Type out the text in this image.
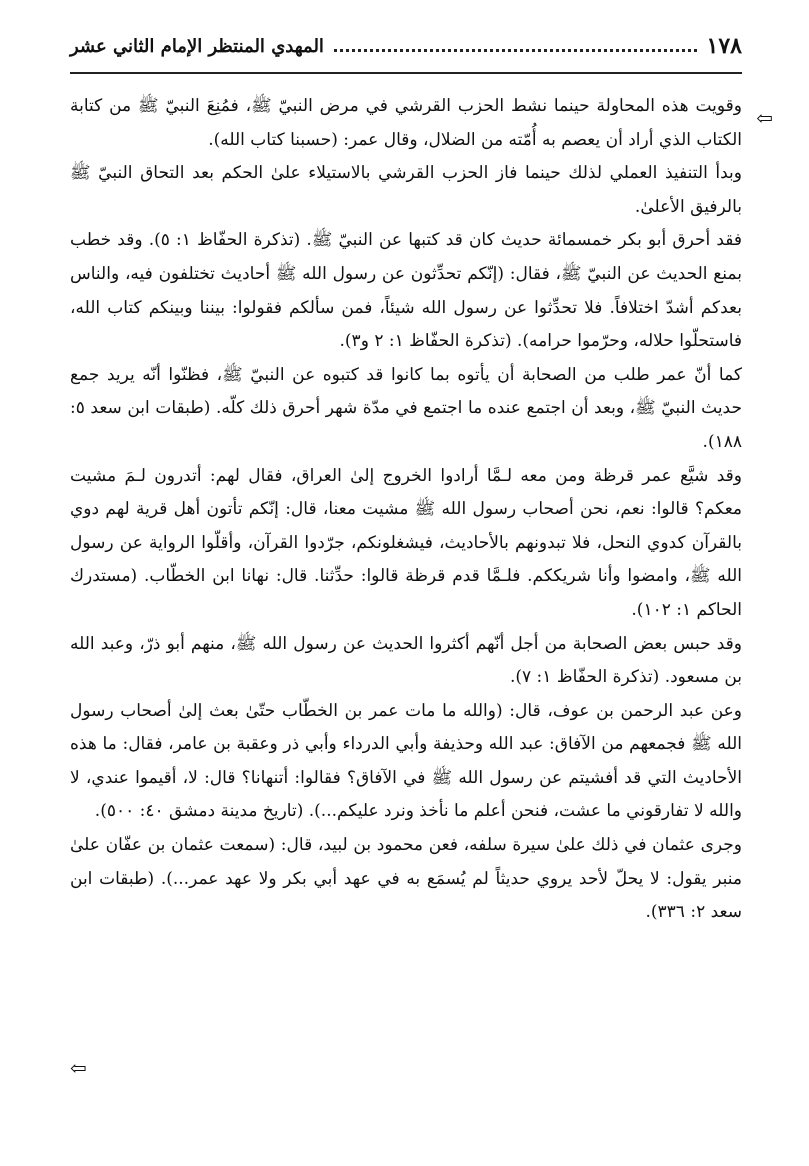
١٧٨
المهدي المنتظر الإمام الثاني عشر
⇦

وقويت هذه المحاولة حينما نشط الحزب القرشي في مرض النبيّ ﷺ، فمُنِعَ النبيّ ﷺ من كتابة الكتاب الذي أراد أن يعصم به أُمّته من الضلال، وقال عمر: (حسبنا كتاب الله).

وبدأ التنفيذ العملي لذلك حينما فاز الحزب القرشي بالاستيلاء علىٰ الحكم بعد التحاق النبيّ ﷺ بالرفيق الأعلىٰ.

فقد أحرق أبو بكر خمسمائة حديث كان قد كتبها عن النبيّ ﷺ. (تذكرة الحفّاظ ١: ٥). وقد خطب بمنع الحديث عن النبيّ ﷺ، فقال: (إنّكم تحدِّثون عن رسول الله ﷺ أحاديث تختلفون فيه، والناس بعدكم أشدّ اختلافاً. فلا تحدِّثوا عن رسول الله شيئاً، فمن سألكم فقولوا: بيننا وبينكم كتاب الله، فاستحلّوا حلاله، وحرّموا حرامه). (تذكرة الحفّاظ ١: ٢ و٣).

كما أنّ عمر طلب من الصحابة أن يأتوه بما كانوا قد كتبوه عن النبيّ ﷺ، فظنّوا أنّه يريد جمع حديث النبيّ ﷺ، وبعد أن اجتمع عنده ما اجتمع في مدّة شهر أحرق ذلك كلّه. (طبقات ابن سعد ٥: ١٨٨).

وقد شيَّع عمر قرظة ومن معه لـمَّا أرادوا الخروج إلىٰ العراق، فقال لهم: أتدرون لـمَ مشيت معكم؟ قالوا: نعم، نحن أصحاب رسول الله ﷺ مشيت معنا، قال: إنّكم تأتون أهل قرية لهم دوي بالقرآن كدوي النحل، فلا تبدونهم بالأحاديث، فيشغلونكم، جرّدوا القرآن، وأقلّوا الرواية عن رسول الله ﷺ، وامضوا وأنا شريككم. فلـمَّا قدم قرظة قالوا: حدِّثنا. قال: نهانا ابن الخطّاب. (مستدرك الحاكم ١: ١٠٢).

وقد حبس بعض الصحابة من أجل أنّهم أكثروا الحديث عن رسول الله ﷺ، منهم أبو ذرّ، وعبد الله بن مسعود. (تذكرة الحفّاظ ١: ٧).

وعن عبد الرحمن بن عوف، قال: (والله ما مات عمر بن الخطّاب حتّىٰ بعث إلىٰ أصحاب رسول الله ﷺ فجمعهم من الآفاق: عبد الله وحذيفة وأبي الدرداء وأبي ذر وعقبة بن عامر، فقال: ما هذه الأحاديث التي قد أفشيتم عن رسول الله ﷺ في الآفاق؟ فقالوا: أتنهانا؟ قال: لا، أقيموا عندي، لا والله لا تفارقوني ما عشت، فنحن أعلم ما نأخذ ونرد عليكم...). (تاريخ مدينة دمشق ٤٠: ٥٠٠).

وجرى عثمان في ذلك علىٰ سيرة سلفه، فعن محمود بن لبيد، قال: (سمعت عثمان بن عفّان علىٰ منبر يقول: لا يحلّ لأحد يروي حديثاً لم يُسمَع به في عهد أبي بكر ولا عهد عمر...). (طبقات ابن سعد ٢: ٣٣٦).

⇦
